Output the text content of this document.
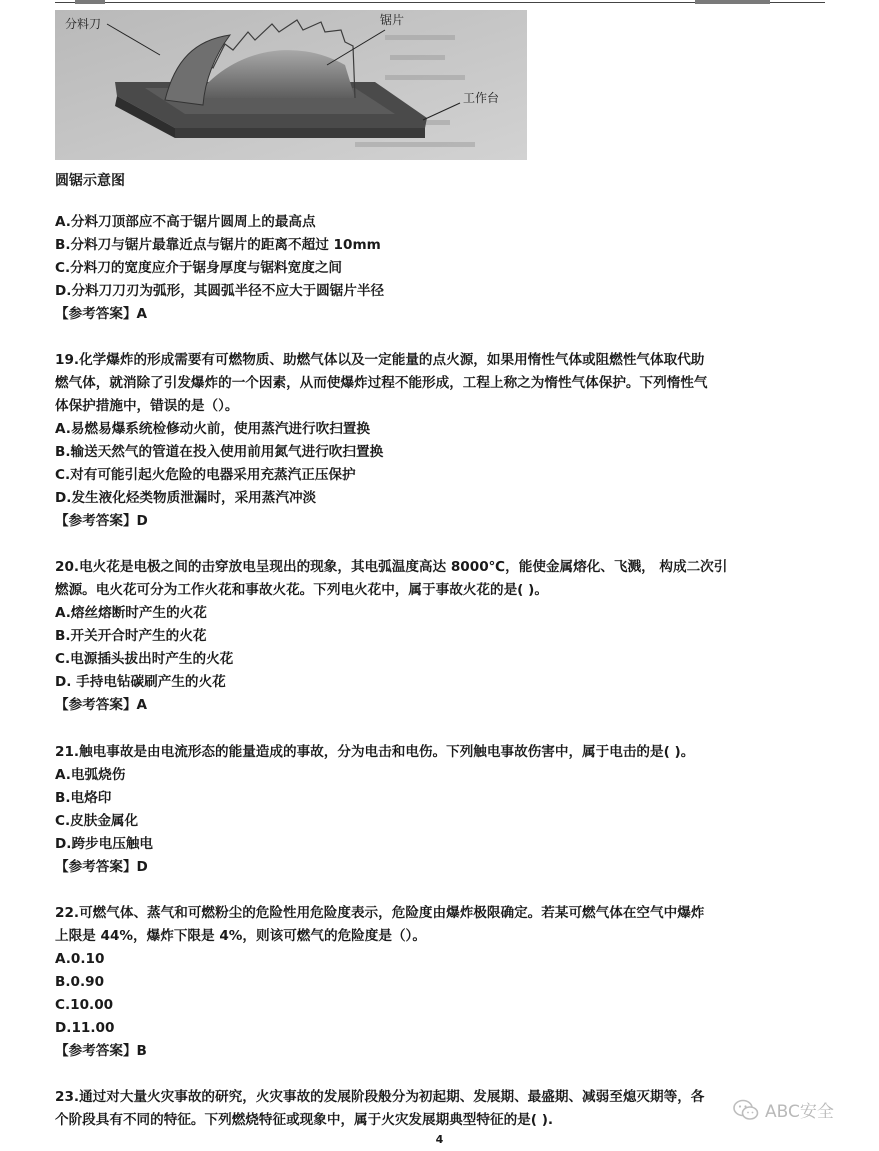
分料刀	锯片
工作台
圆锯示意图
A.分料刀顶部应不高于锯片圆周上的最高点
B.分料刀与锯片最靠近点与锯片的距离不超过 10mm
C.分料刀的宽度应介于锯身厚度与锯料宽度之间
D.分料刀刀刃为弧形，其圆弧半径不应大于圆锯片半径
【参考答案】A
19.化学爆炸的形成需要有可燃物质、助燃气体以及一定能量的点火源，如果用惰性气体或阻燃性气体取代助
燃气体，就消除了引发爆炸的一个因素，从而使爆炸过程不能形成，工程上称之为惰性气体保护。下列惰性气
体保护措施中，错误的是（）。
A.易燃易爆系统检修动火前，使用蒸汽进行吹扫置换
B.输送天然气的管道在投入使用前用氮气进行吹扫置换
C.对有可能引起火危险的电器采用充蒸汽正压保护
D.发生液化烃类物质泄漏时，采用蒸汽冲淡
【参考答案】D
20.电火花是电极之间的击穿放电呈现出的现象，其电弧温度高达 8000℃，能使金属熔化、飞溅， 构成二次引
燃源。电火花可分为工作火花和事故火花。下列电火花中，属于事故火花的是( )。
A.熔丝熔断时产生的火花
B.开关开合时产生的火花
C.电源插头拔出时产生的火花
D. 手持电钻碳刷产生的火花
【参考答案】A
21.触电事故是由电流形态的能量造成的事故，分为电击和电伤。下列触电事故伤害中，属于电击的是( )。
A.电弧烧伤
B.电烙印
C.皮肤金属化
D.跨步电压触电
【参考答案】D
22.可燃气体、蒸气和可燃粉尘的危险性用危险度表示，危险度由爆炸极限确定。若某可燃气体在空气中爆炸
上限是 44%，爆炸下限是 4%，则该可燃气的危险度是（）。
A.0.10
B.0.90
C.10.00
D.11.00
【参考答案】B
23.通过对大量火灾事故的研究，火灾事故的发展阶段般分为初起期、发展期、最盛期、减弱至熄灭期等，各
个阶段具有不同的特征。下列燃烧特征或现象中，属于火灾发展期典型特征的是( ).	ABC安全
4
